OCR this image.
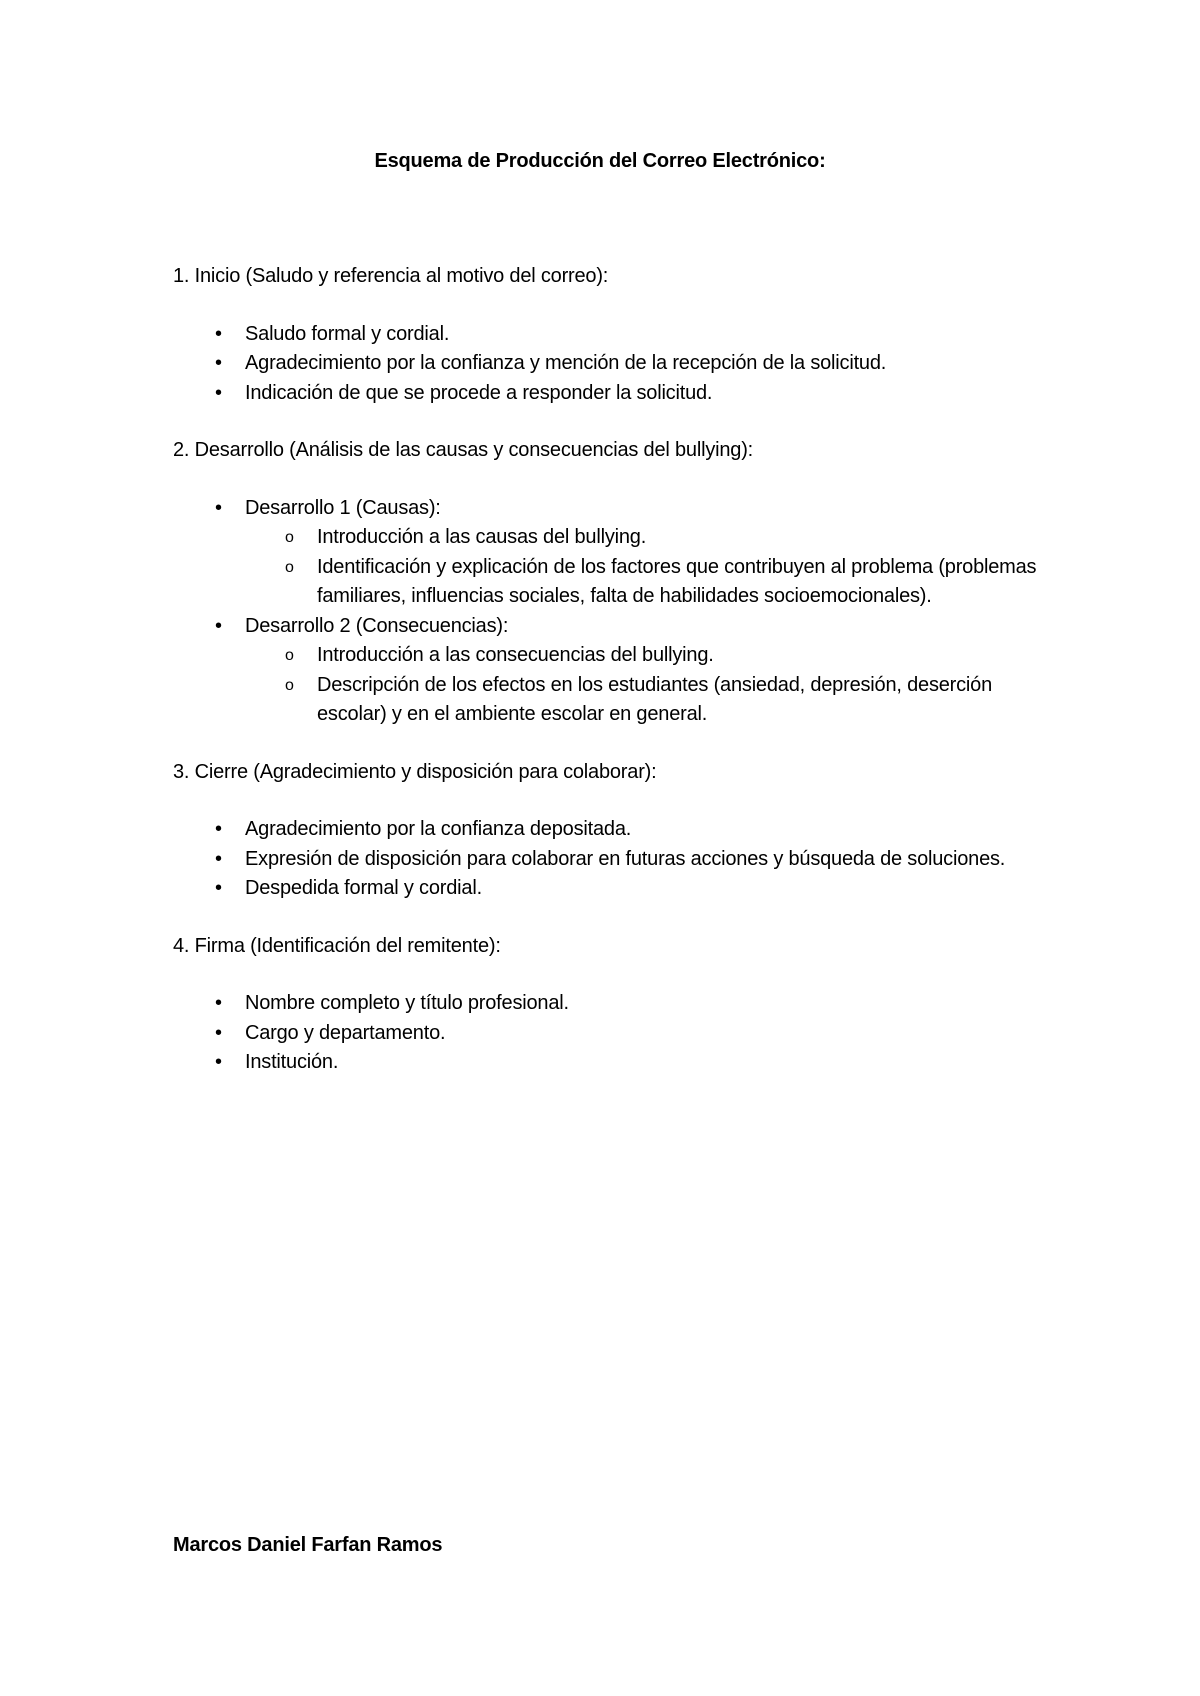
Esquema de Producción del Correo Electrónico:

1. Inicio (Saludo y referencia al motivo del correo):

• Saludo formal y cordial.
• Agradecimiento por la confianza y mención de la recepción de la solicitud.
• Indicación de que se procede a responder la solicitud.

2. Desarrollo (Análisis de las causas y consecuencias del bullying):

• Desarrollo 1 (Causas):
o Introducción a las causas del bullying.
o Identificación y explicación de los factores que contribuyen al problema (problemas familiares, influencias sociales, falta de habilidades socioemocionales).
• Desarrollo 2 (Consecuencias):
o Introducción a las consecuencias del bullying.
o Descripción de los efectos en los estudiantes (ansiedad, depresión, deserción escolar) y en el ambiente escolar en general.

3. Cierre (Agradecimiento y disposición para colaborar):

• Agradecimiento por la confianza depositada.
• Expresión de disposición para colaborar en futuras acciones y búsqueda de soluciones.
• Despedida formal y cordial.

4. Firma (Identificación del remitente):

• Nombre completo y título profesional.
• Cargo y departamento.
• Institución.
Marcos Daniel Farfan Ramos
